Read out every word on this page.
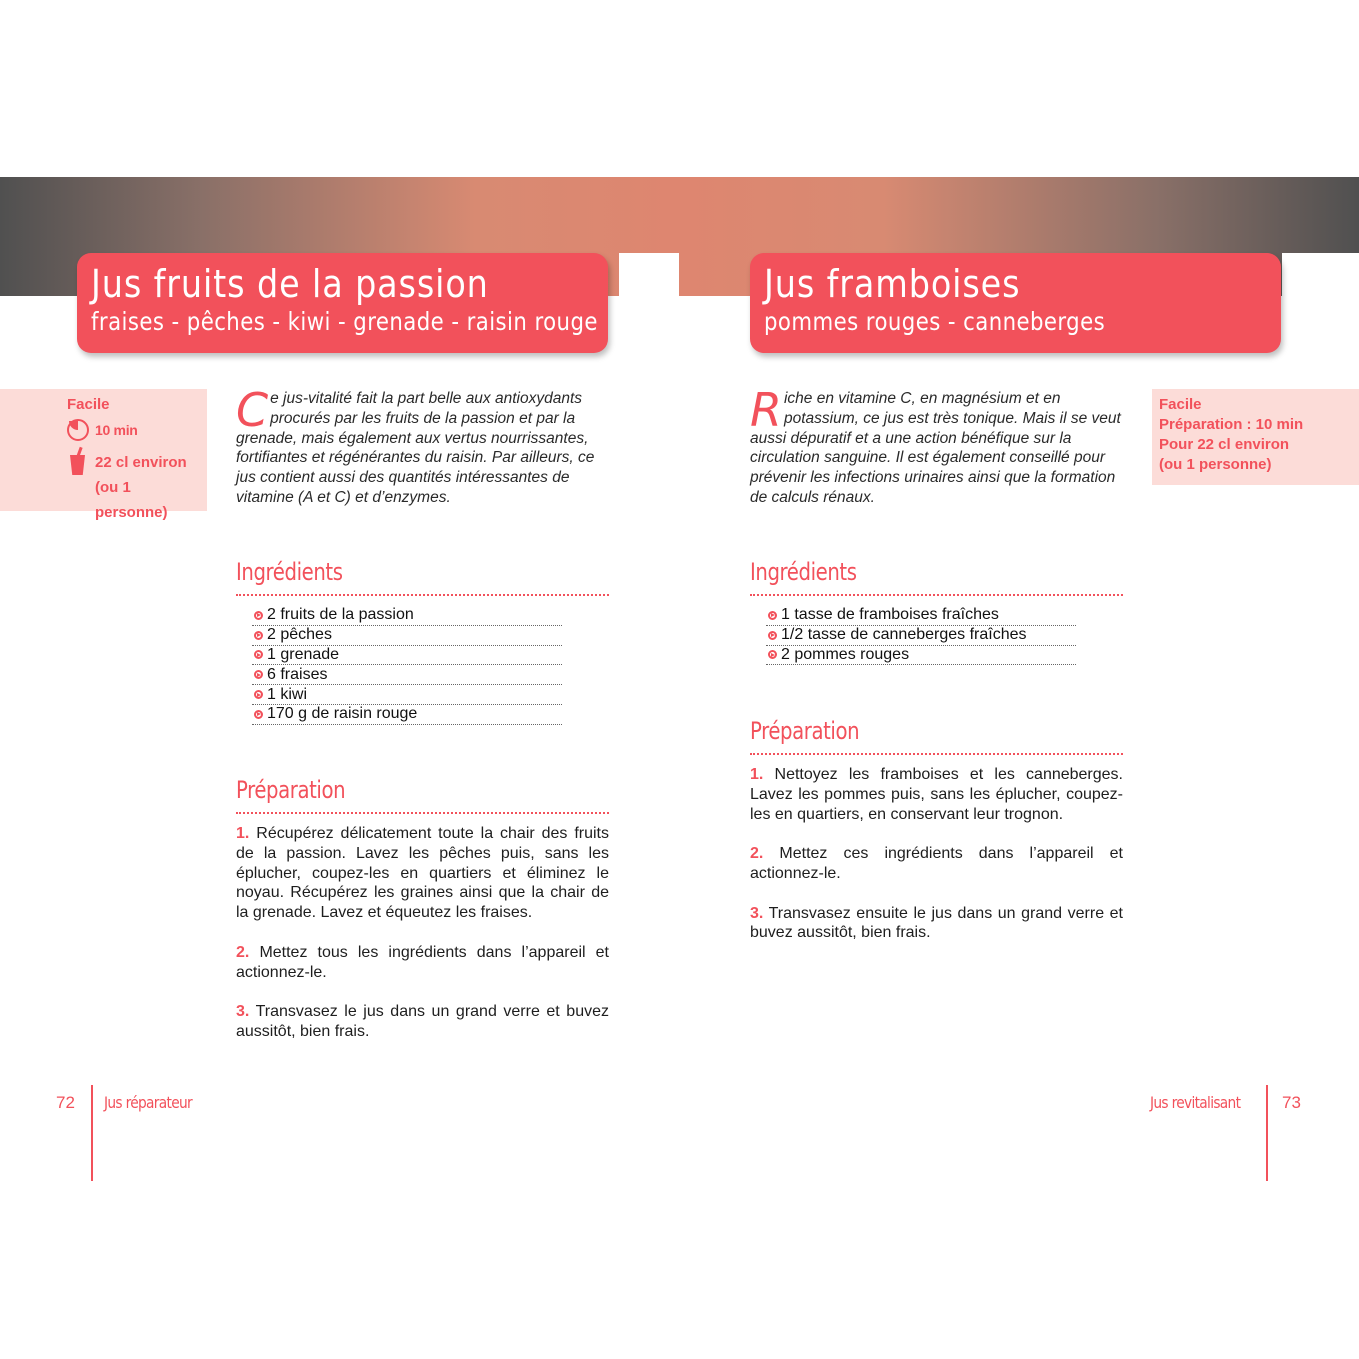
Jus fruits de la passion
fraises - pêches - kiwi - grenade - raisin rouge
Facile
10 min
22 cl environ
(ou 1 personne)
Ce jus-vitalité fait la part belle aux antioxydants procurés par les fruits de la passion et par la grenade, mais également aux vertus nourrissantes, fortifiantes et régénérantes du raisin. Par ailleurs, ce jus contient aussi des quantités intéressantes de vitamine (A et C) et d’enzymes.
Ingrédients
2 fruits de la passion
2 pêches
1 grenade
6 fraises
1 kiwi
170 g de raisin rouge
Préparation

1. Récupérez délicatement toute la chair des fruits de la passion. Lavez les pêches puis, sans les éplucher, coupez-les en quartiers et éliminez le noyau. Récupérez les graines ainsi que la chair de la grenade. Lavez et équeutez les fraises.

2. Mettez tous les ingrédients dans l’appareil et actionnez-le.

3. Transvasez le jus dans un grand verre et buvez aussitôt, bien frais.

72 Jus réparateur
Jus framboises
pommes rouges - canneberges
Facile
Préparation : 10 min
Pour 22 cl environ
(ou 1 personne)
Riche en vitamine C, en magnésium et en potassium, ce jus est très tonique. Mais il se veut aussi dépuratif et a une action bénéfique sur la circulation sanguine. Il est également conseillé pour prévenir les infections urinaires ainsi que la formation de calculs rénaux.
Ingrédients
1 tasse de framboises fraîches
1/2 tasse de canneberges fraîches
2 pommes rouges
Préparation

1. Nettoyez les framboises et les canneberges. Lavez les pommes puis, sans les éplucher, coupez-les en quartiers, en conservant leur trognon.

2. Mettez ces ingrédients dans l’appareil et actionnez-le.

3. Transvasez ensuite le jus dans un grand verre et buvez aussitôt, bien frais.

Jus revitalisant 73
